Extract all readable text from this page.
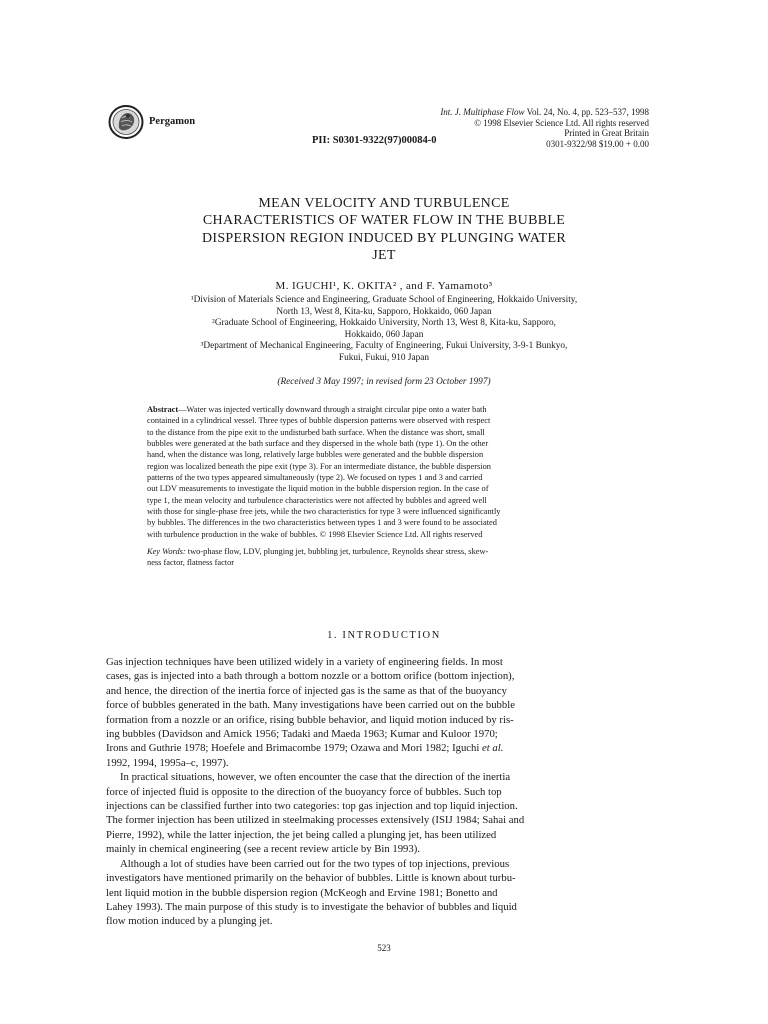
Pergamon
Int. J. Multiphase Flow Vol. 24, No. 4, pp. 523–537, 1998
© 1998 Elsevier Science Ltd. All rights reserved
Printed in Great Britain
0301-9322/98 $19.00 + 0.00
PII: S0301-9322(97)00084-0
MEAN VELOCITY AND TURBULENCE
CHARACTERISTICS OF WATER FLOW IN THE BUBBLE
DISPERSION REGION INDUCED BY PLUNGING WATER
JET
M. IGUCHI¹, K. OKITA² , and F. Yamamoto³
¹Division of Materials Science and Engineering, Graduate School of Engineering, Hokkaido University,
North 13, West 8, Kita-ku, Sapporo, Hokkaido, 060 Japan
²Graduate School of Engineering, Hokkaido University, North 13, West 8, Kita-ku, Sapporo,
Hokkaido, 060 Japan
³Department of Mechanical Engineering, Faculty of Engineering, Fukui University, 3-9-1 Bunkyo,
Fukui, Fukui, 910 Japan
(Received 3 May 1997; in revised form 23 October 1997)
Abstract—Water was injected vertically downward through a straight circular pipe onto a water bath
contained in a cylindrical vessel. Three types of bubble dispersion patterns were observed with respect
to the distance from the pipe exit to the undisturbed bath surface. When the distance was short, small
bubbles were generated at the bath surface and they dispersed in the whole bath (type 1). On the other
hand, when the distance was long, relatively large bubbles were generated and the bubble dispersion
region was localized beneath the pipe exit (type 3). For an intermediate distance, the bubble dispersion
patterns of the two types appeared simultaneously (type 2). We focused on types 1 and 3 and carried
out LDV measurements to investigate the liquid motion in the bubble dispersion region. In the case of
type 1, the mean velocity and turbulence characteristics were not affected by bubbles and agreed well
with those for single-phase free jets, while the two characteristics for type 3 were influenced significantly
by bubbles. The differences in the two characteristics between types 1 and 3 were found to be associated
with turbulence production in the wake of bubbles. © 1998 Elsevier Science Ltd. All rights reserved
Key Words: two-phase flow, LDV, plunging jet, bubbling jet, turbulence, Reynolds shear stress, skew-
ness factor, flatness factor
1. INTRODUCTION
Gas injection techniques have been utilized widely in a variety of engineering fields. In most
cases, gas is injected into a bath through a bottom nozzle or a bottom orifice (bottom injection),
and hence, the direction of the inertia force of injected gas is the same as that of the buoyancy
force of bubbles generated in the bath. Many investigations have been carried out on the bubble
formation from a nozzle or an orifice, rising bubble behavior, and liquid motion induced by ris-
ing bubbles (Davidson and Amick 1956; Tadaki and Maeda 1963; Kumar and Kuloor 1970;
Irons and Guthrie 1978; Hoefele and Brimacombe 1979; Ozawa and Mori 1982; Iguchi et al.
1992, 1994, 1995a–c, 1997).
In practical situations, however, we often encounter the case that the direction of the inertia
force of injected fluid is opposite to the direction of the buoyancy force of bubbles. Such top
injections can be classified further into two categories: top gas injection and top liquid injection.
The former injection has been utilized in steelmaking processes extensively (ISIJ 1984; Sahai and
Pierre, 1992), while the latter injection, the jet being called a plunging jet, has been utilized
mainly in chemical engineering (see a recent review article by Bin 1993).
Although a lot of studies have been carried out for the two types of top injections, previous
investigators have mentioned primarily on the behavior of bubbles. Little is known about turbu-
lent liquid motion in the bubble dispersion region (McKeogh and Ervine 1981; Bonetto and
Lahey 1993). The main purpose of this study is to investigate the behavior of bubbles and liquid
flow motion induced by a plunging jet.
523
